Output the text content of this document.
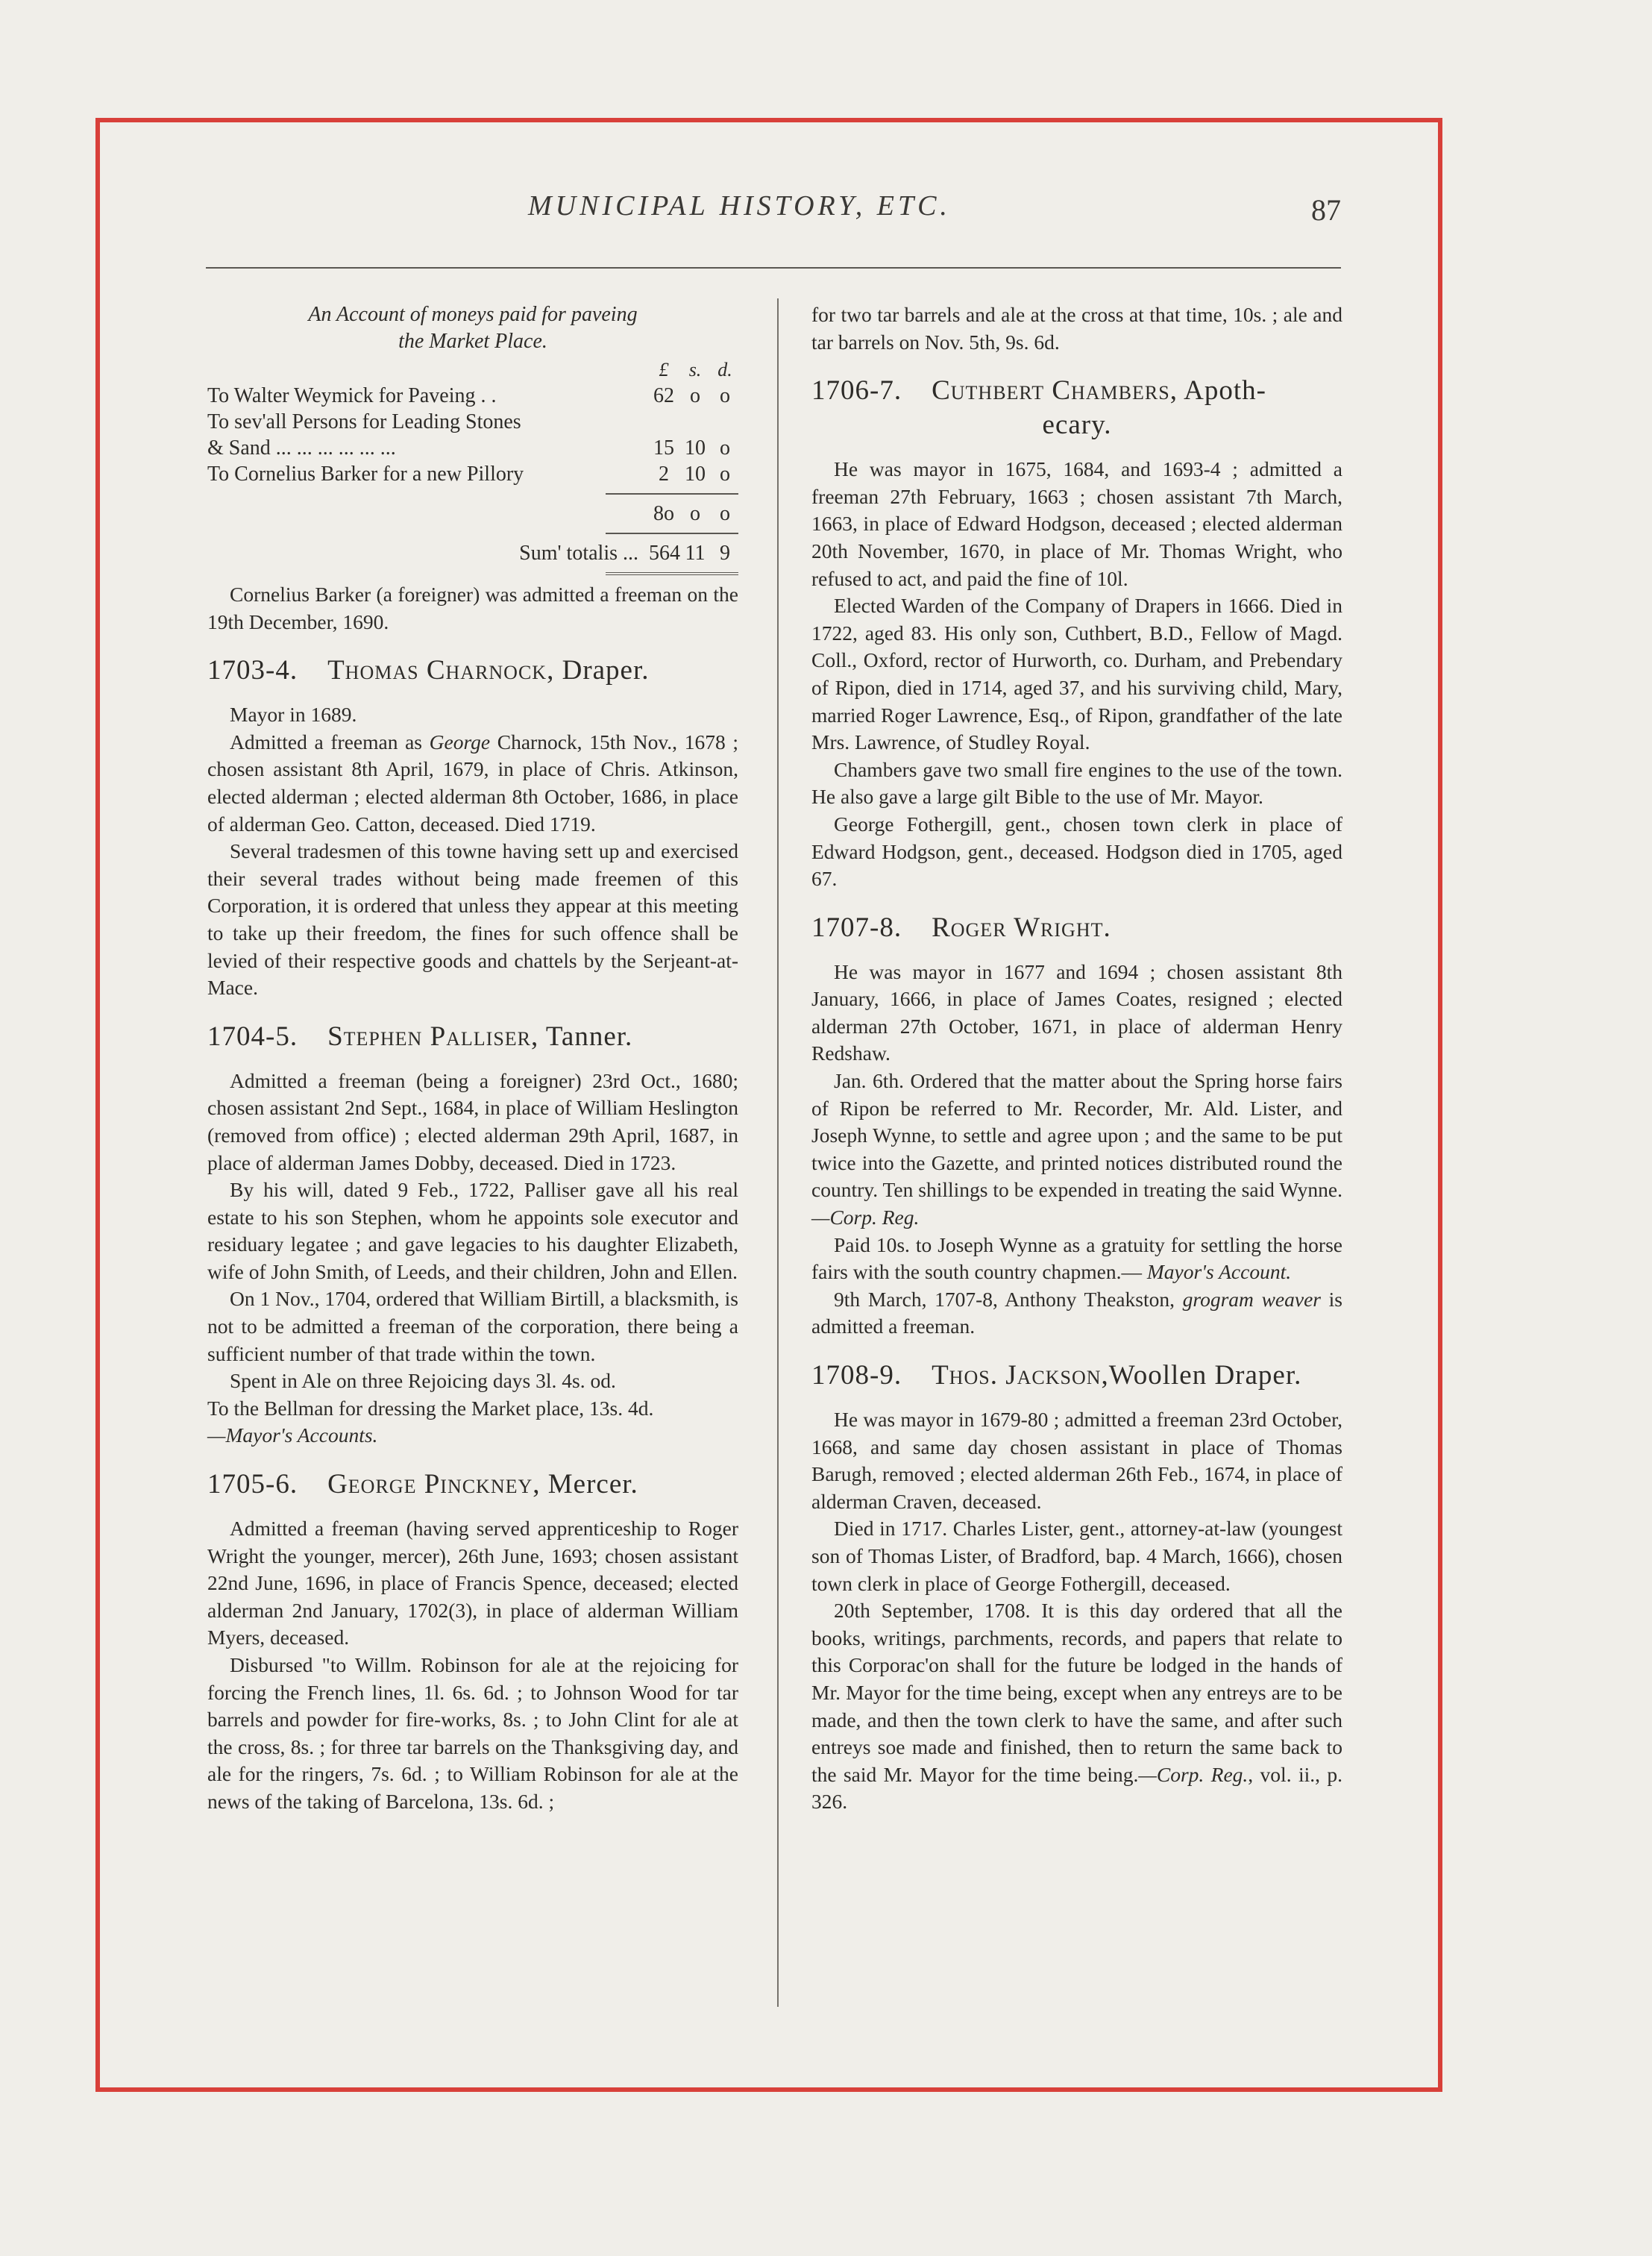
MUNICIPAL HISTORY, ETC.	87
An Account of moneys paid for paveing
the Market Place.
£	s. d.
To Walter Weymick for Paveing . .	62 o o
To sev'all Persons for Leading Stones
& Sand ... ... ... ... ... ...	15 10 o
To Cornelius Barker for a new Pillory	2 10 o
8o o o
Sum' totalis ... 564 11 9

Cornelius Barker (a foreigner) was admitted a freeman on the 19th December, 1690.

1703-4. Thomas Charnock, Draper.

Mayor in 1689.

Admitted a freeman as George Charnock, 15th Nov., 1678 ; chosen assistant 8th April, 1679, in place of Chris. Atkinson, elected alderman ; elected alderman 8th October, 1686, in place of alderman Geo. Catton, deceased. Died 1719.

Several tradesmen of this towne having sett up and exercised their several trades without being made freemen of this Corporation, it is ordered that unless they appear at this meeting to take up their freedom, the fines for such offence shall be levied of their respective goods and chattels by the Serjeant-at-Mace.

1704-5. Stephen Palliser, Tanner.

Admitted a freeman (being a foreigner) 23rd Oct., 1680; chosen assistant 2nd Sept., 1684, in place of William Heslington (removed from office) ; elected alderman 29th April, 1687, in place of alderman James Dobby, deceased. Died in 1723.

By his will, dated 9 Feb., 1722, Palliser gave all his real estate to his son Stephen, whom he appoints sole executor and residuary legatee ; and gave legacies to his daughter Elizabeth, wife of John Smith, of Leeds, and their children, John and Ellen.

On 1 Nov., 1704, ordered that William Birtill, a blacksmith, is not to be admitted a freeman of the corporation, there being a sufficient number of that trade within the town.

Spent in Ale on three Rejoicing days 3l. 4s. od.

To the Bellman for dressing the Market place, 13s. 4d.

—Mayor's Accounts.

1705-6. George Pinckney, Mercer.

Admitted a freeman (having served apprenticeship to Roger Wright the younger, mercer), 26th June, 1693; chosen assistant 22nd June, 1696, in place of Francis Spence, deceased; elected alderman 2nd January, 1702(3), in place of alderman William Myers, deceased.

Disbursed "to Willm. Robinson for ale at the rejoicing for forcing the French lines, 1l. 6s. 6d. ; to Johnson Wood for tar barrels and powder for fire-works, 8s. ; to John Clint for ale at the cross, 8s. ; for three tar barrels on the Thanksgiving day, and ale for the ringers, 7s. 6d. ; to William Robinson for ale at the news of the taking of Barcelona, 13s. 6d. ;

for two tar barrels and ale at the cross at that time, 10s. ; ale and tar barrels on Nov. 5th, 9s. 6d.

1706-7. Cuthbert Chambers, Apoth-
ecary.

He was mayor in 1675, 1684, and 1693-4 ; admitted a freeman 27th February, 1663 ; chosen assistant 7th March, 1663, in place of Edward Hodgson, deceased ; elected alderman 20th November, 1670, in place of Mr. Thomas Wright, who refused to act, and paid the fine of 10l.

Elected Warden of the Company of Drapers in 1666. Died in 1722, aged 83. His only son, Cuthbert, B.D., Fellow of Magd. Coll., Oxford, rector of Hurworth, co. Durham, and Prebendary of Ripon, died in 1714, aged 37, and his surviving child, Mary, married Roger Lawrence, Esq., of Ripon, grandfather of the late Mrs. Lawrence, of Studley Royal.

Chambers gave two small fire engines to the use of the town. He also gave a large gilt Bible to the use of Mr. Mayor.

George Fothergill, gent., chosen town clerk in place of Edward Hodgson, gent., deceased. Hodgson died in 1705, aged 67.

1707-8. Roger Wright.

He was mayor in 1677 and 1694 ; chosen assistant 8th January, 1666, in place of James Coates, resigned ; elected alderman 27th October, 1671, in place of alderman Henry Redshaw.

Jan. 6th. Ordered that the matter about the Spring horse fairs of Ripon be referred to Mr. Recorder, Mr. Ald. Lister, and Joseph Wynne, to settle and agree upon ; and the same to be put twice into the Gazette, and printed notices distributed round the country. Ten shillings to be expended in treating the said Wynne.—Corp. Reg.

Paid 10s. to Joseph Wynne as a gratuity for settling the horse fairs with the south country chapmen.— Mayor's Account.

9th March, 1707-8, Anthony Theakston, grogram weaver is admitted a freeman.

1708-9. Thos. Jackson,Woollen Draper.

He was mayor in 1679-80 ; admitted a freeman 23rd October, 1668, and same day chosen assistant in place of Thomas Barugh, removed ; elected alderman 26th Feb., 1674, in place of alderman Craven, deceased.

Died in 1717. Charles Lister, gent., attorney-at-law (youngest son of Thomas Lister, of Bradford, bap. 4 March, 1666), chosen town clerk in place of George Fothergill, deceased.

20th September, 1708. It is this day ordered that all the books, writings, parchments, records, and papers that relate to this Corporac'on shall for the future be lodged in the hands of Mr. Mayor for the time being, except when any entreys are to be made, and then the town clerk to have the same, and after such entreys soe made and finished, then to return the same back to the said Mr. Mayor for the time being.—Corp. Reg., vol. ii., p. 326.
